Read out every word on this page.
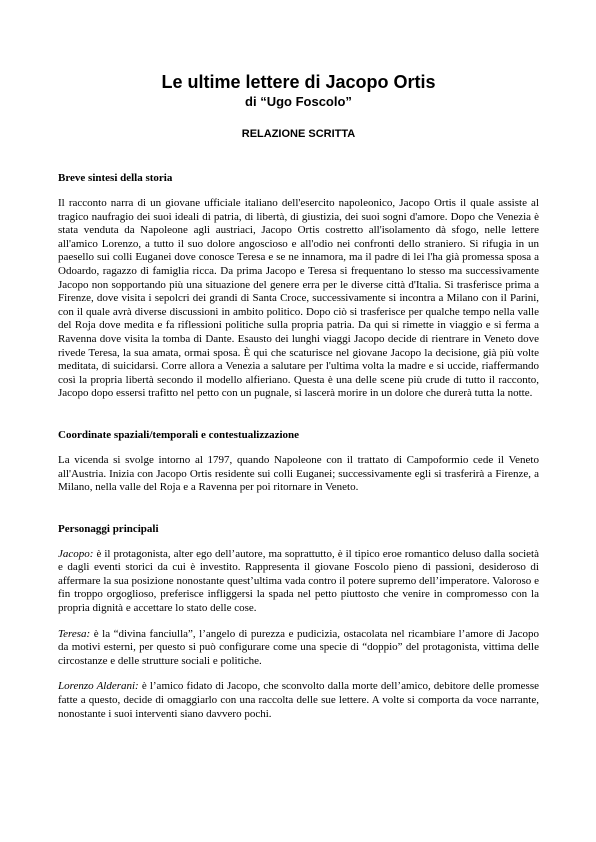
Le ultime lettere di Jacopo Ortis
di “Ugo Foscolo”
RELAZIONE SCRITTA
Breve sintesi della storia

Il racconto narra di un giovane ufficiale italiano dell'esercito napoleonico, Jacopo Ortis il quale assiste al tragico naufragio dei suoi ideali di patria, di libertà, di giustizia, dei suoi sogni d'amore. Dopo che Venezia è stata venduta da Napoleone agli austriaci, Jacopo Ortis costretto all'isolamento dà sfogo, nelle lettere all'amico Lorenzo, a tutto il suo dolore angoscioso e all'odio nei confronti dello straniero. Si rifugia in un paesello sui colli Euganei dove conosce Teresa e se ne innamora, ma il padre di lei l'ha già promessa sposa a Odoardo, ragazzo di famiglia ricca. Da prima Jacopo e Teresa si frequentano lo stesso ma successivamente Jacopo non sopportando più una situazione del genere erra per le diverse città d'Italia. Si trasferisce prima a Firenze, dove visita i sepolcri dei grandi di Santa Croce, successivamente si incontra a Milano con il Parini, con il quale avrà diverse discussioni in ambito politico. Dopo ciò si trasferisce per qualche tempo nella valle del Roja dove medita e fa riflessioni politiche sulla propria patria. Da qui si rimette in viaggio e si ferma a Ravenna dove visita la tomba di Dante. Esausto dei lunghi viaggi Jacopo decide di rientrare in Veneto dove rivede Teresa, la sua amata, ormai sposa. È qui che scaturisce nel giovane Jacopo la decisione, già più volte meditata, di suicidarsi. Corre allora a Venezia a salutare per l'ultima volta la madre e si uccide, riaffermando così la propria libertà secondo il modello alfieriano. Questa è una delle scene più crude di tutto il racconto, Jacopo dopo essersi trafitto nel petto con un pugnale, si lascerà morire in un dolore che durerà tutta la notte.

Coordinate spaziali/temporali e contestualizzazione

La vicenda si svolge intorno al 1797, quando Napoleone con il trattato di Campoformio cede il Veneto all'Austria. Inizia con Jacopo Ortis residente sui colli Euganei; successivamente egli si trasferirà a Firenze, a Milano, nella valle del Roja e a Ravenna per poi ritornare in Veneto.

Personaggi principali

Jacopo: è il protagonista, alter ego dell’autore, ma soprattutto, è il tipico eroe romantico deluso dalla società e dagli eventi storici da cui è investito. Rappresenta il giovane Foscolo pieno di passioni, desideroso di affermare la sua posizione nonostante quest’ultima vada contro il potere supremo dell’imperatore. Valoroso e fin troppo orgoglioso, preferisce infliggersi la spada nel petto piuttosto che venire in compromesso con la propria dignità e accettare lo stato delle cose.

Teresa: è la “divina fanciulla”, l’angelo di purezza e pudicizia, ostacolata nel ricambiare l’amore di Jacopo da motivi esterni, per questo si può configurare come una specie di “doppio” del protagonista, vittima delle circostanze e delle strutture sociali e politiche.

Lorenzo Alderani: è l’amico fidato di Jacopo, che sconvolto dalla morte dell’amico, debitore delle promesse fatte a questo, decide di omaggiarlo con una raccolta delle sue lettere. A volte si comporta da voce narrante, nonostante i suoi interventi siano davvero pochi.
